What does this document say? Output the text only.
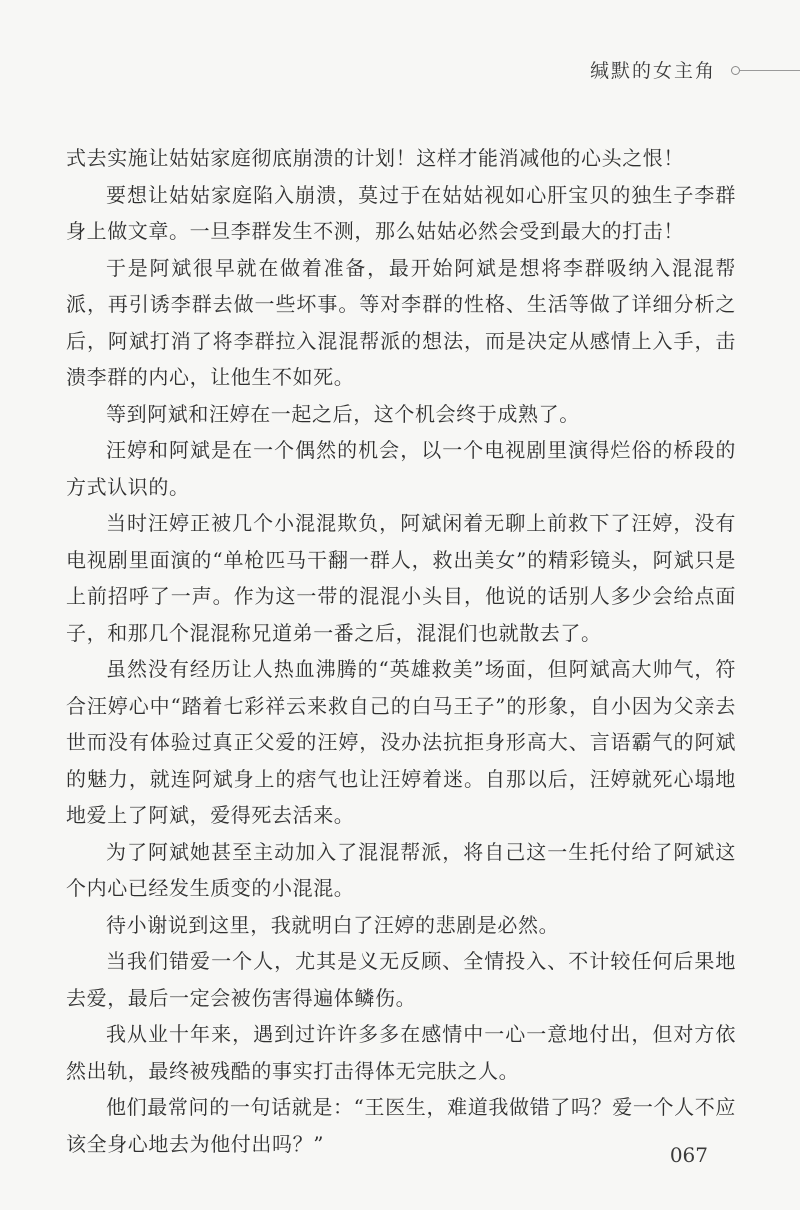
缄默的女主角

式去实施让姑姑家庭彻底崩溃的计划！这样才能消减他的心头之恨！

要想让姑姑家庭陷入崩溃，莫过于在姑姑视如心肝宝贝的独生子李群身上做文章。一旦李群发生不测，那么姑姑必然会受到最大的打击！

于是阿斌很早就在做着准备，最开始阿斌是想将李群吸纳入混混帮派，再引诱李群去做一些坏事。等对李群的性格、生活等做了详细分析之后，阿斌打消了将李群拉入混混帮派的想法，而是决定从感情上入手，击溃李群的内心，让他生不如死。

等到阿斌和汪婷在一起之后，这个机会终于成熟了。

汪婷和阿斌是在一个偶然的机会，以一个电视剧里演得烂俗的桥段的方式认识的。

当时汪婷正被几个小混混欺负，阿斌闲着无聊上前救下了汪婷，没有电视剧里面演的“单枪匹马干翻一群人，救出美女”的精彩镜头，阿斌只是上前招呼了一声。作为这一带的混混小头目，他说的话别人多少会给点面子，和那几个混混称兄道弟一番之后，混混们也就散去了。

虽然没有经历让人热血沸腾的“英雄救美”场面，但阿斌高大帅气，符合汪婷心中“踏着七彩祥云来救自己的白马王子”的形象，自小因为父亲去世而没有体验过真正父爱的汪婷，没办法抗拒身形高大、言语霸气的阿斌的魅力，就连阿斌身上的痞气也让汪婷着迷。自那以后，汪婷就死心塌地地爱上了阿斌，爱得死去活来。

为了阿斌她甚至主动加入了混混帮派，将自己这一生托付给了阿斌这个内心已经发生质变的小混混。

待小谢说到这里，我就明白了汪婷的悲剧是必然。

当我们错爱一个人，尤其是义无反顾、全情投入、不计较任何后果地去爱，最后一定会被伤害得遍体鳞伤。

我从业十年来，遇到过许许多多在感情中一心一意地付出，但对方依然出轨，最终被残酷的事实打击得体无完肤之人。

他们最常问的一句话就是：“王医生，难道我做错了吗？爱一个人不应该全身心地去为他付出吗？”	067
